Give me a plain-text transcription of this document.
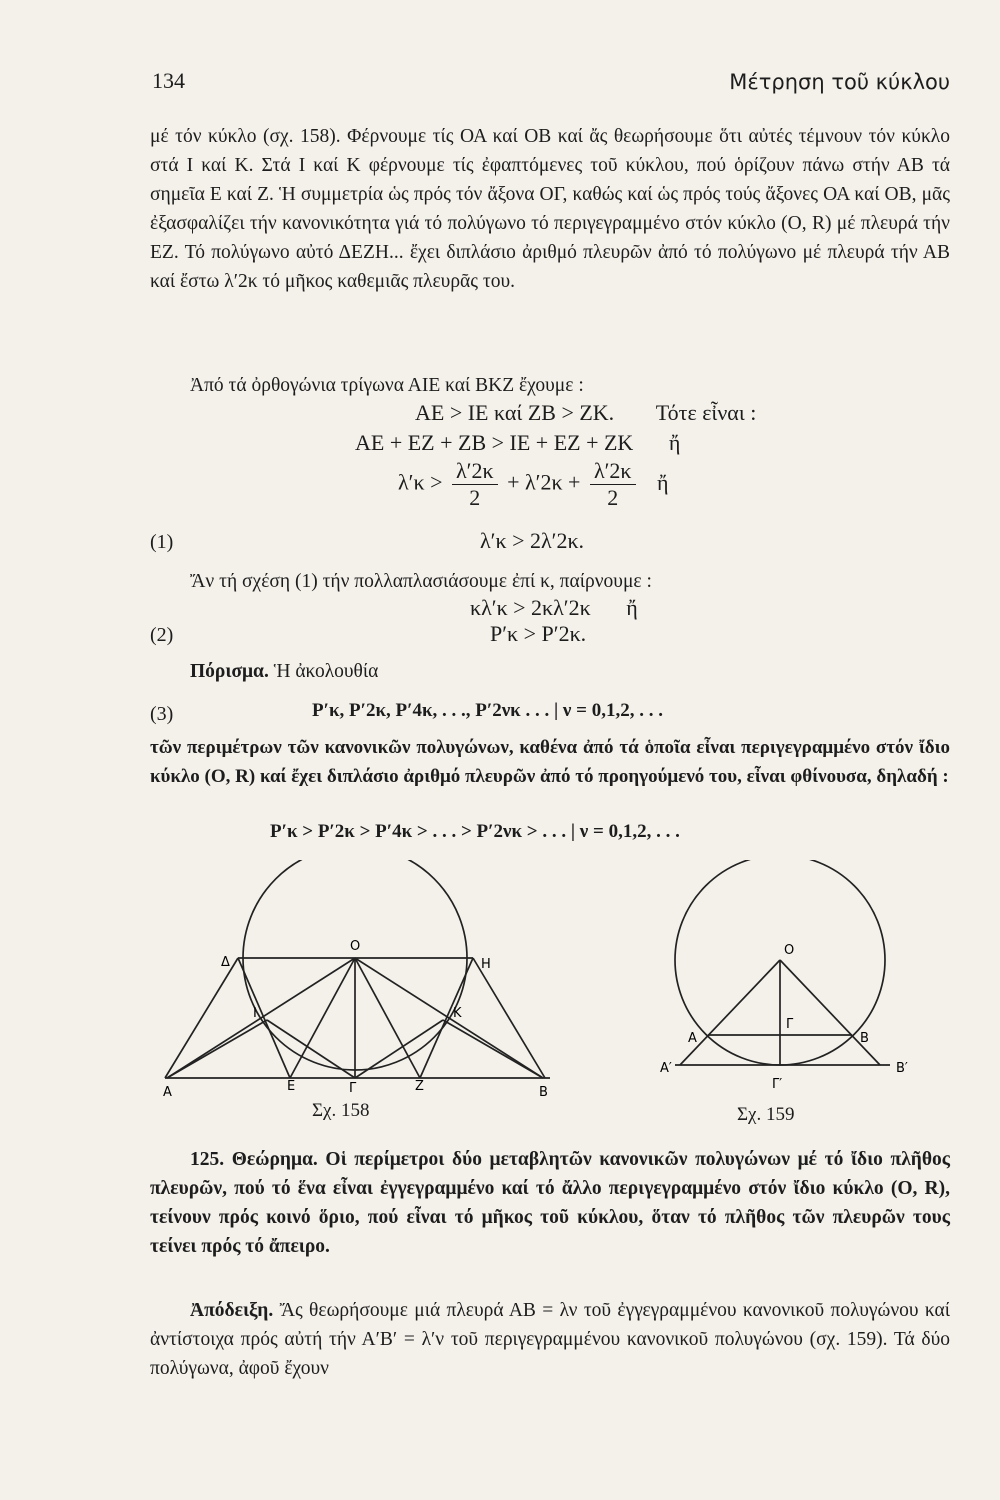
134	Μέτρηση τοῦ κύκλου

μέ τόν κύκλο (σχ. 158). Φέρνουμε τίς ΟΑ καί ΟΒ καί ἄς θεωρήσουμε ὅτι αὐτές τέμνουν τόν κύκλο στά Ι καί Κ. Στά Ι καί Κ φέρνουμε τίς ἐφαπτόμενες τοῦ κύκλου, πού ὁρίζουν πάνω στήν ΑΒ τά σημεῖα Ε καί Ζ. Ἡ συμμετρία ὡς πρός τόν ἄξονα ΟΓ, καθώς καί ὡς πρός τούς ἄξονες ΟΑ καί ΟΒ, μᾶς ἐξασφαλίζει τήν κανονικότητα γιά τό πολύγωνο τό περιγεγραμμένο στόν κύκλο (O, R) μέ πλευρά τήν ΕΖ. Τό πολύγωνο αὐτό ΔΕΖΗ... ἔχει διπλάσιο ἀριθμό πλευρῶν ἀπό τό πολύγωνο μέ πλευρά τήν ΑΒ καί ἔστω λ′2κ τό μῆκος καθεμιᾶς πλευρᾶς του.

Ἀπό τά ὀρθογώνια τρίγωνα ΑΙΕ καί ΒΚΖ ἔχουμε :

ΑΕ > ΙΕ καί ΖΒ > ΖΚ. Τότε εἶναι :
ΑΕ + ΕΖ + ΖΒ > ΙΕ + ΕΖ + ΖΚ ἤ
$\lambda'\kappa > \frac{\lambda'2\kappa}{2} + \lambda'2\kappa + \frac{\lambda'2\kappa}{2}$ ἤ
(1)	λ′κ > 2λ′2κ.

Ἄν τή σχέση (1) τήν πολλαπλασιάσουμε ἐπί κ, παίρνουμε :

κλ′κ > 2κλ′2κ ἤ
(2)	P′κ > P′2κ.

Πόρισμα. Ἡ ἀκολουθία

(3)	P′κ, P′2κ, P′4κ, . . ., P′2νκ . . . | ν = 0,1,2, . . .

τῶν περιμέτρων τῶν κανονικῶν πολυγώνων, καθένα ἀπό τά ὁποῖα εἶναι περιγεγραμμένο στόν ἴδιο κύκλο (O, R) καί ἔχει διπλάσιο ἀριθμό πλευρῶν ἀπό τό προηγούμενό του, εἶναι φθίνουσα, δηλαδή :

P′κ > P′2κ > P′4κ > . . . > P′2νκ > . . . | ν = 0,1,2, . . .
Δ
O
Η
Ι	Κ
Α	Ε	Γ	Ζ	Β
Σχ. 158
O
Γ
A	B
A′	B′
Γ′
Σχ. 159

125. Θεώρημα. Οἱ περίμετροι δύο μεταβλητῶν κανονικῶν πολυγώνων μέ τό ἴδιο πλῆθος πλευρῶν, πού τό ἕνα εἶναι ἐγγεγραμμένο καί τό ἄλλο περιγεγραμμένο στόν ἴδιο κύκλο (O, R), τείνουν πρός κοινό ὅριο, πού εἶναι τό μῆκος τοῦ κύκλου, ὅταν τό πλῆθος τῶν πλευρῶν τους τείνει πρός τό ἄπειρο.

Ἀπόδειξη. Ἄς θεωρήσουμε μιά πλευρά ΑΒ = λν τοῦ ἐγγεγραμμένου κανονικοῦ πολυγώνου καί ἀντίστοιχα πρός αὐτή τήν Α′Β′ = λ′ν τοῦ περιγεγραμμένου κανονικοῦ πολυγώνου (σχ. 159). Τά δύο πολύγωνα, ἀφοῦ ἔχουν
